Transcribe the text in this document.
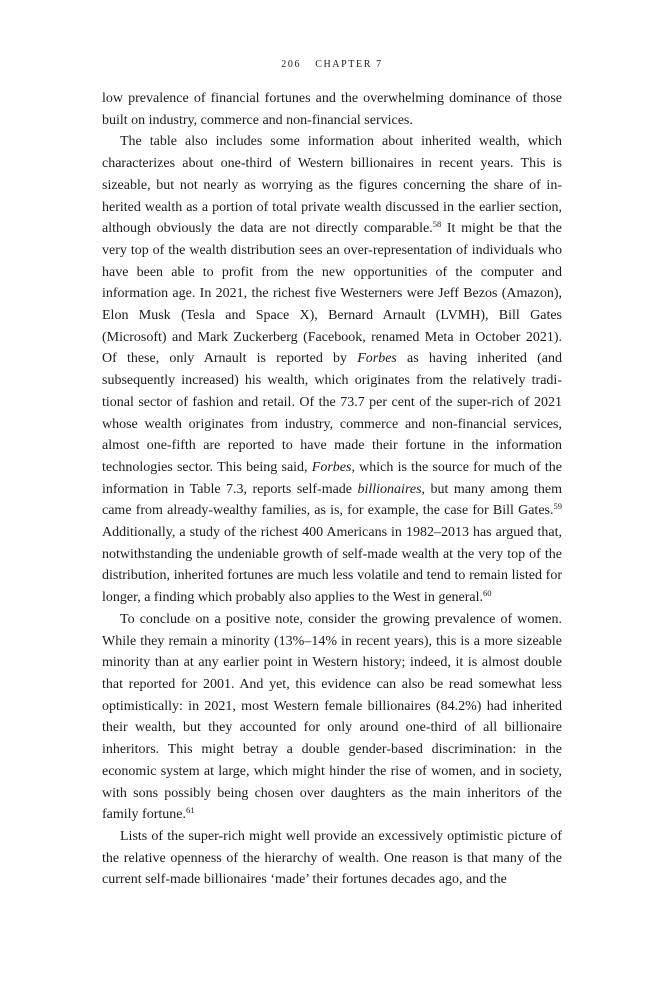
206 CHAPTER 7

low prevalence of financial fortunes and the overwhelming dominance of those built on industry, commerce and non-financial services.

The table also includes some information about inherited wealth, which characterizes about one-third of Western billionaires in recent years. This is sizeable, but not nearly as worrying as the figures concerning the share of inherited wealth as a portion of total private wealth discussed in the earlier section, although obviously the data are not directly comparable.$^{58}$ It might be that the very top of the wealth distribution sees an over-representation of individuals who have been able to profit from the new opportunities of the computer and information age. In 2021, the richest five Westerners were Jeff Bezos (Amazon), Elon Musk (Tesla and Space X), Bernard Arnault (LVMH), Bill Gates (Microsoft) and Mark Zuckerberg (Facebook, renamed Meta in October 2021). Of these, only Arnault is reported by Forbes as having inherited (and subsequently increased) his wealth, which originates from the relatively traditional sector of fashion and retail. Of the 73.7 per cent of the super-rich of 2021 whose wealth originates from industry, commerce and non-financial services, almost one-fifth are reported to have made their fortune in the information technologies sector. This being said, Forbes, which is the source for much of the information in Table 7.3, reports self-made billionaires, but many among them came from already-wealthy families, as is, for example, the case for Bill Gates.$^{59}$ Additionally, a study of the richest 400 Americans in 1982–2013 has argued that, notwithstanding the undeniable growth of self-made wealth at the very top of the distribution, inherited fortunes are much less volatile and tend to remain listed for longer, a finding which probably also applies to the West in general.$^{60}$

To conclude on a positive note, consider the growing prevalence of women. While they remain a minority (13%–14% in recent years), this is a more sizeable minority than at any earlier point in Western history; indeed, it is almost double that reported for 2001. And yet, this evidence can also be read somewhat less optimistically: in 2021, most Western female billionaires (84.2%) had inherited their wealth, but they accounted for only around one-third of all billionaire inheritors. This might betray a double gender-based discrimination: in the economic system at large, which might hinder the rise of women, and in society, with sons possibly being chosen over daughters as the main inheritors of the family fortune.$^{61}$

Lists of the super-rich might well provide an excessively optimistic picture of the relative openness of the hierarchy of wealth. One reason is that many of the current self-made billionaires ‘made’ their fortunes decades ago, and the
